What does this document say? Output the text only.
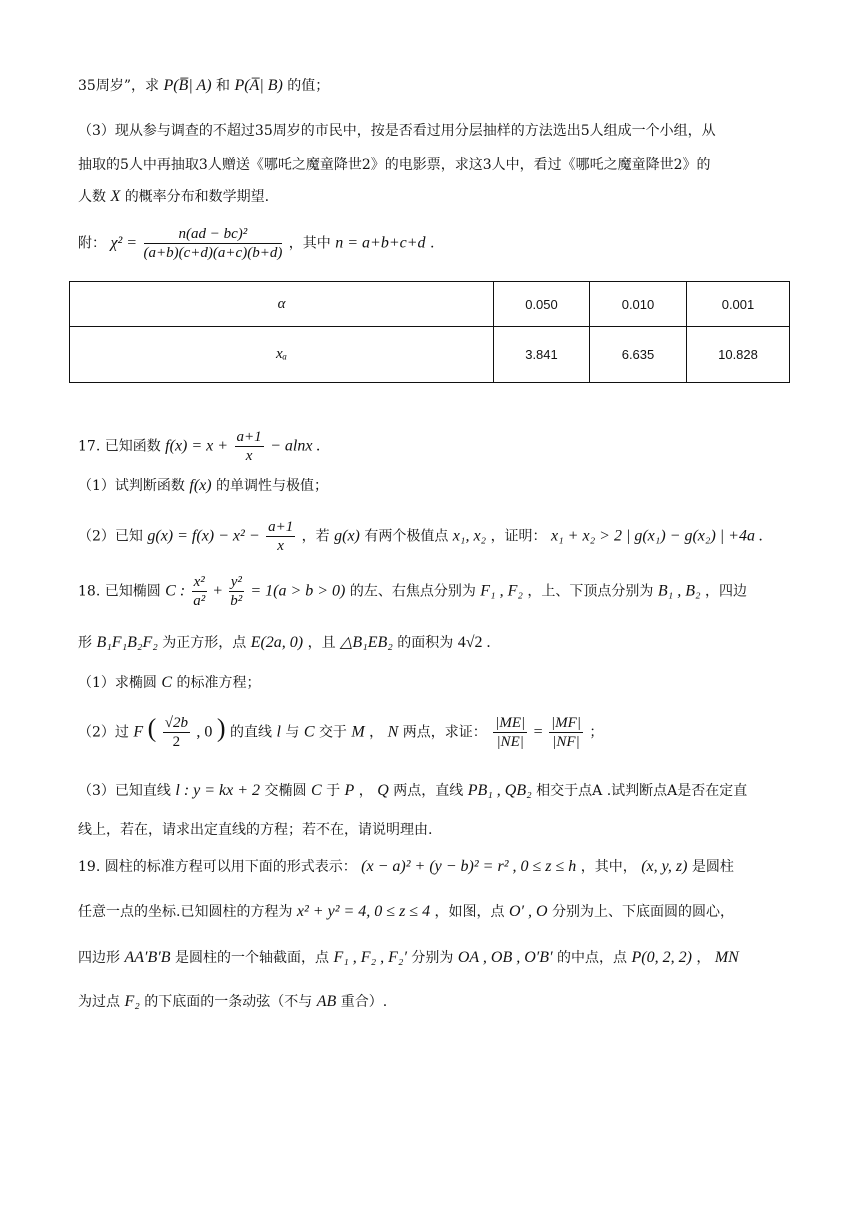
35周岁”，求 P(B̅| A) 和 P(A̅| B) 的值；
（3）现从参与调查的不超过35周岁的市民中，按是否看过用分层抽样的方法选出5人组成一个小组，从
抽取的5人中再抽取3人赠送《哪吒之魔童降世2》的电影票，求这3人中，看过《哪吒之魔童降世2》的
人数 X 的概率分布和数学期望.
附： $\chi^2 = \frac{\text{n(ad − bc)²}}{(a+b)(c+d)(a+c)(b+d)}$ ，其中 n = a+b+c+d .
α	0.050	0.010	0.001
xₐ	3.841	6.635	10.828
17. 已知函数 $f(x) = x + \frac{a+1}{x} - alnx$ .
（1）试判断函数 f(x) 的单调性与极值；
（2）已知 $g(x) = f(x) - x^2 - \frac{a+1}{x}$ ，若 g(x) 有两个极值点 x₁, x₂ ，证明： x₁ + x₂ > 2 | g(x₁) − g(x₂) | +4a .
18. 已知椭圆 C : $\frac{\text{x²}}{\text{a²}} + \frac{\text{y²}}{\text{b²}} = 1(a > b > 0)$ 的左、右焦点分别为 F₁ , F₂ ，上、下顶点分别为 B₁ , B₂ ，四边
形 B₁F₁B₂F₂ 为正方形，点 E(2a, 0) ，且 △B₁EB₂ 的面积为 4√2 .
（1）求椭圆 C 的标准方程；
（2）过 F ( $\frac{√2b}{2}$ , 0 ) 的直线 l 与 C 交于 M ， N 两点，求证： $\frac{|ME|}{|NE|} = \frac{|MF|}{|NF|}$ ；
（3）已知直线 l : y = kx + 2 交椭圆 C 于 P ， Q 两点，直线 PB₁ , QB₂ 相交于点A .试判断点A是否在定直
线上，若在，请求出定直线的方程；若不在，请说明理由.
19. 圆柱的标准方程可以用下面的形式表示： (x − a)² + (y − b)² = r² , 0 ≤ z ≤ h ，其中， (x, y, z) 是圆柱
任意一点的坐标.已知圆柱的方程为 x² + y² = 4, 0 ≤ z ≤ 4 ，如图，点 O′ , O 分别为上、下底面圆的圆心，
四边形 AA′B′B 是圆柱的一个轴截面，点 F₁ , F₂ , F₂′ 分别为 OA , OB , O′B′ 的中点，点 P(0, 2, 2) ， MN
为过点 F₂ 的下底面的一条动弦（不与 AB 重合）.
